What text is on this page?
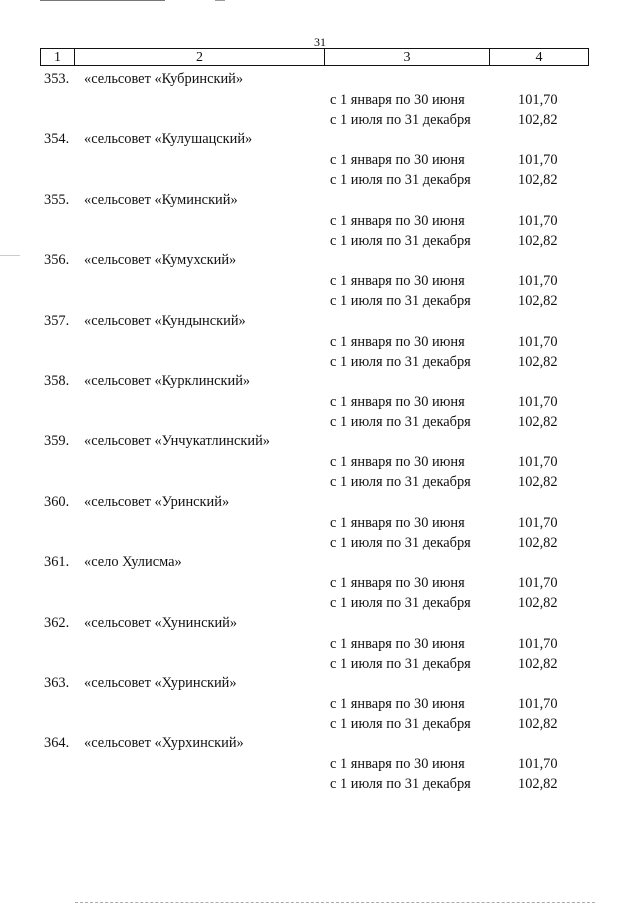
31
1	2	3	4
353. «сельсовет «Кубринский»
с 1 января по 30 июня	101,70
с 1 июля по 31 декабря	102,82
354. «сельсовет «Кулушацский»
с 1 января по 30 июня	101,70
с 1 июля по 31 декабря	102,82
355. «сельсовет «Куминский»
с 1 января по 30 июня	101,70
с 1 июля по 31 декабря	102,82
356. «сельсовет «Кумухский»
с 1 января по 30 июня	101,70
с 1 июля по 31 декабря	102,82
357. «сельсовет «Кундынский»
с 1 января по 30 июня	101,70
с 1 июля по 31 декабря	102,82
358. «сельсовет «Курклинский»
с 1 января по 30 июня	101,70
с 1 июля по 31 декабря	102,82
359. «сельсовет «Унчукатлинский»
с 1 января по 30 июня	101,70
с 1 июля по 31 декабря	102,82
360. «сельсовет «Уринский»
с 1 января по 30 июня	101,70
с 1 июля по 31 декабря	102,82
361. «село Хулисма»
с 1 января по 30 июня	101,70
с 1 июля по 31 декабря	102,82
362. «сельсовет «Хунинский»
с 1 января по 30 июня	101,70
с 1 июля по 31 декабря	102,82
363. «сельсовет «Хуринский»
с 1 января по 30 июня	101,70
с 1 июля по 31 декабря	102,82
364. «сельсовет «Хурхинский»
с 1 января по 30 июня	101,70
с 1 июля по 31 декабря	102,82
